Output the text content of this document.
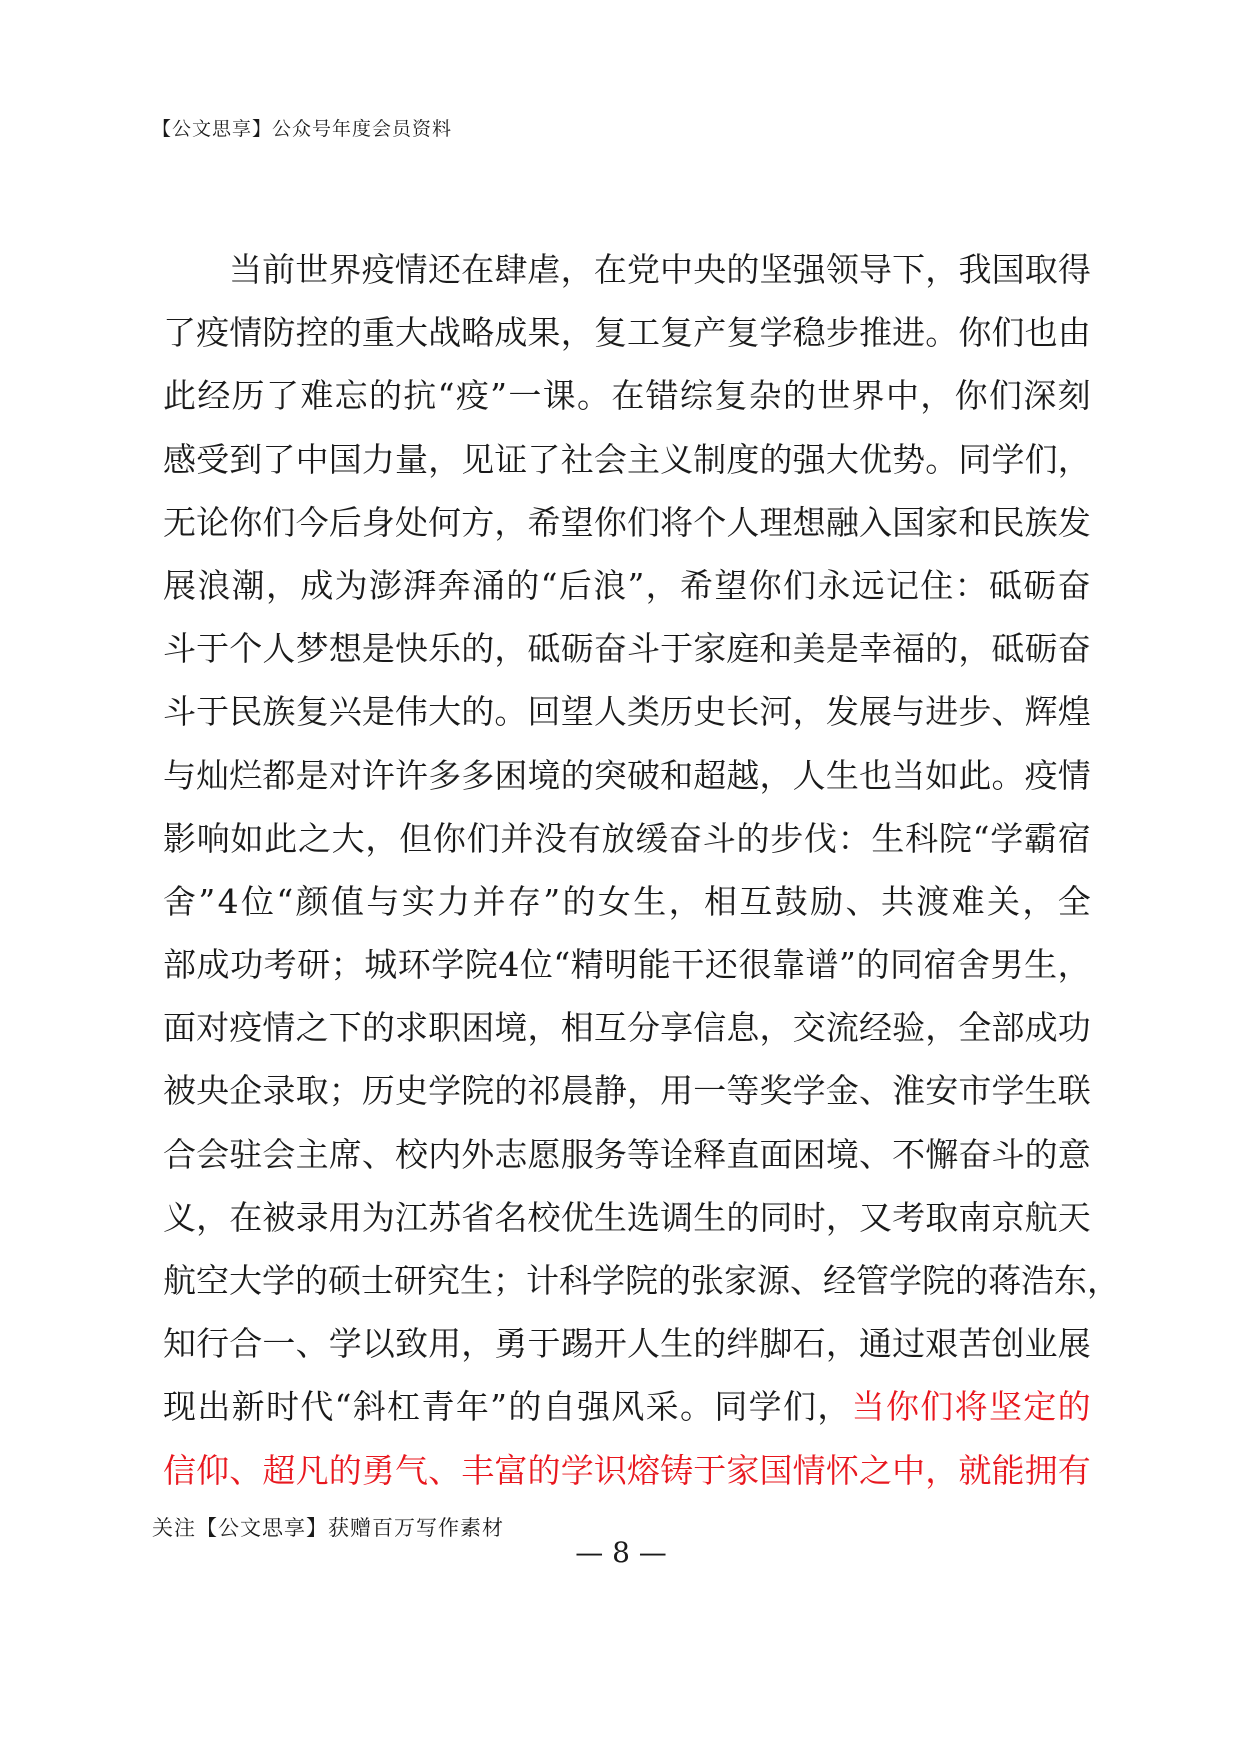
【公文思享】公众号年度会员资料
当 前 世 界 疫 情 还 在 肆 虐 ， 在 党 中 央 的 坚 强 领 导 下 ， 我 国 取 得
了 疫 情 防 控 的 重 大 战 略 成 果 ， 复 工 复 产 复 学 稳 步 推 进 。 你 们 也 由
此 经 历 了 难 忘 的 抗 “ 疫 ” 一 课 。 在 错 综 复 杂 的 世 界 中 ， 你 们 深 刻
感 受 到 了 中 国 力 量 ， 见 证 了 社 会 主 义 制 度 的 强 大 优 势 。 同 学 们 ，
无 论 你 们 今 后 身 处 何 方 ， 希 望 你 们 将 个 人 理 想 融 入 国 家 和 民 族 发
展 浪 潮 ， 成 为 澎 湃 奔 涌 的 “ 后 浪 ” ， 希 望 你 们 永 远 记 住 ： 砥 砺 奋
斗 于 个 人 梦 想 是 快 乐 的 ， 砥 砺 奋 斗 于 家 庭 和 美 是 幸 福 的 ， 砥 砺 奋
斗 于 民 族 复 兴 是 伟 大 的 。 回 望 人 类 历 史 长 河 ， 发 展 与 进 步 、 辉 煌
与 灿 烂 都 是 对 许 许 多 多 困 境 的 突 破 和 超 越 ， 人 生 也 当 如 此 。 疫 情
影 响 如 此 之 大 ， 但 你 们 并 没 有 放 缓 奋 斗 的 步 伐 ： 生 科 院 “ 学 霸 宿
舍 ” 4 位 “ 颜 值 与 实 力 并 存 ” 的 女 生 ， 相 互 鼓 励 、 共 渡 难 关 ， 全
部 成 功 考 研 ； 城 环 学 院 4 位 “ 精 明 能 干 还 很 靠 谱 ” 的 同 宿 舍 男 生 ，
面 对 疫 情 之 下 的 求 职 困 境 ， 相 互 分 享 信 息 ， 交 流 经 验 ， 全 部 成 功
被 央 企 录 取 ； 历 史 学 院 的 祁 晨 静 ， 用 一 等 奖 学 金 、 淮 安 市 学 生 联
合 会 驻 会 主 席 、 校 内 外 志 愿 服 务 等 诠 释 直 面 困 境 、 不 懈 奋 斗 的 意
义 ， 在 被 录 用 为 江 苏 省 名 校 优 生 选 调 生 的 同 时 ， 又 考 取 南 京 航 天
航 空 大 学 的 硕 士 研 究 生 ； 计 科 学 院 的 张 家 源 、 经 管 学 院 的 蒋 浩 东 ，
知 行 合 一 、 学 以 致 用 ， 勇 于 踢 开 人 生 的 绊 脚 石 ， 通 过 艰 苦 创 业 展
现 出 新 时 代 “ 斜 杠 青 年 ” 的 自 强 风 采 。 同 学 们 ， 当 你 们 将 坚 定 的
信 仰 、 超 凡 的 勇 气 、 丰 富 的 学 识 熔 铸 于 家 国 情 怀 之 中 ， 就 能 拥 有
关注【公文思享】获赠百万写作素材
— 8 —
